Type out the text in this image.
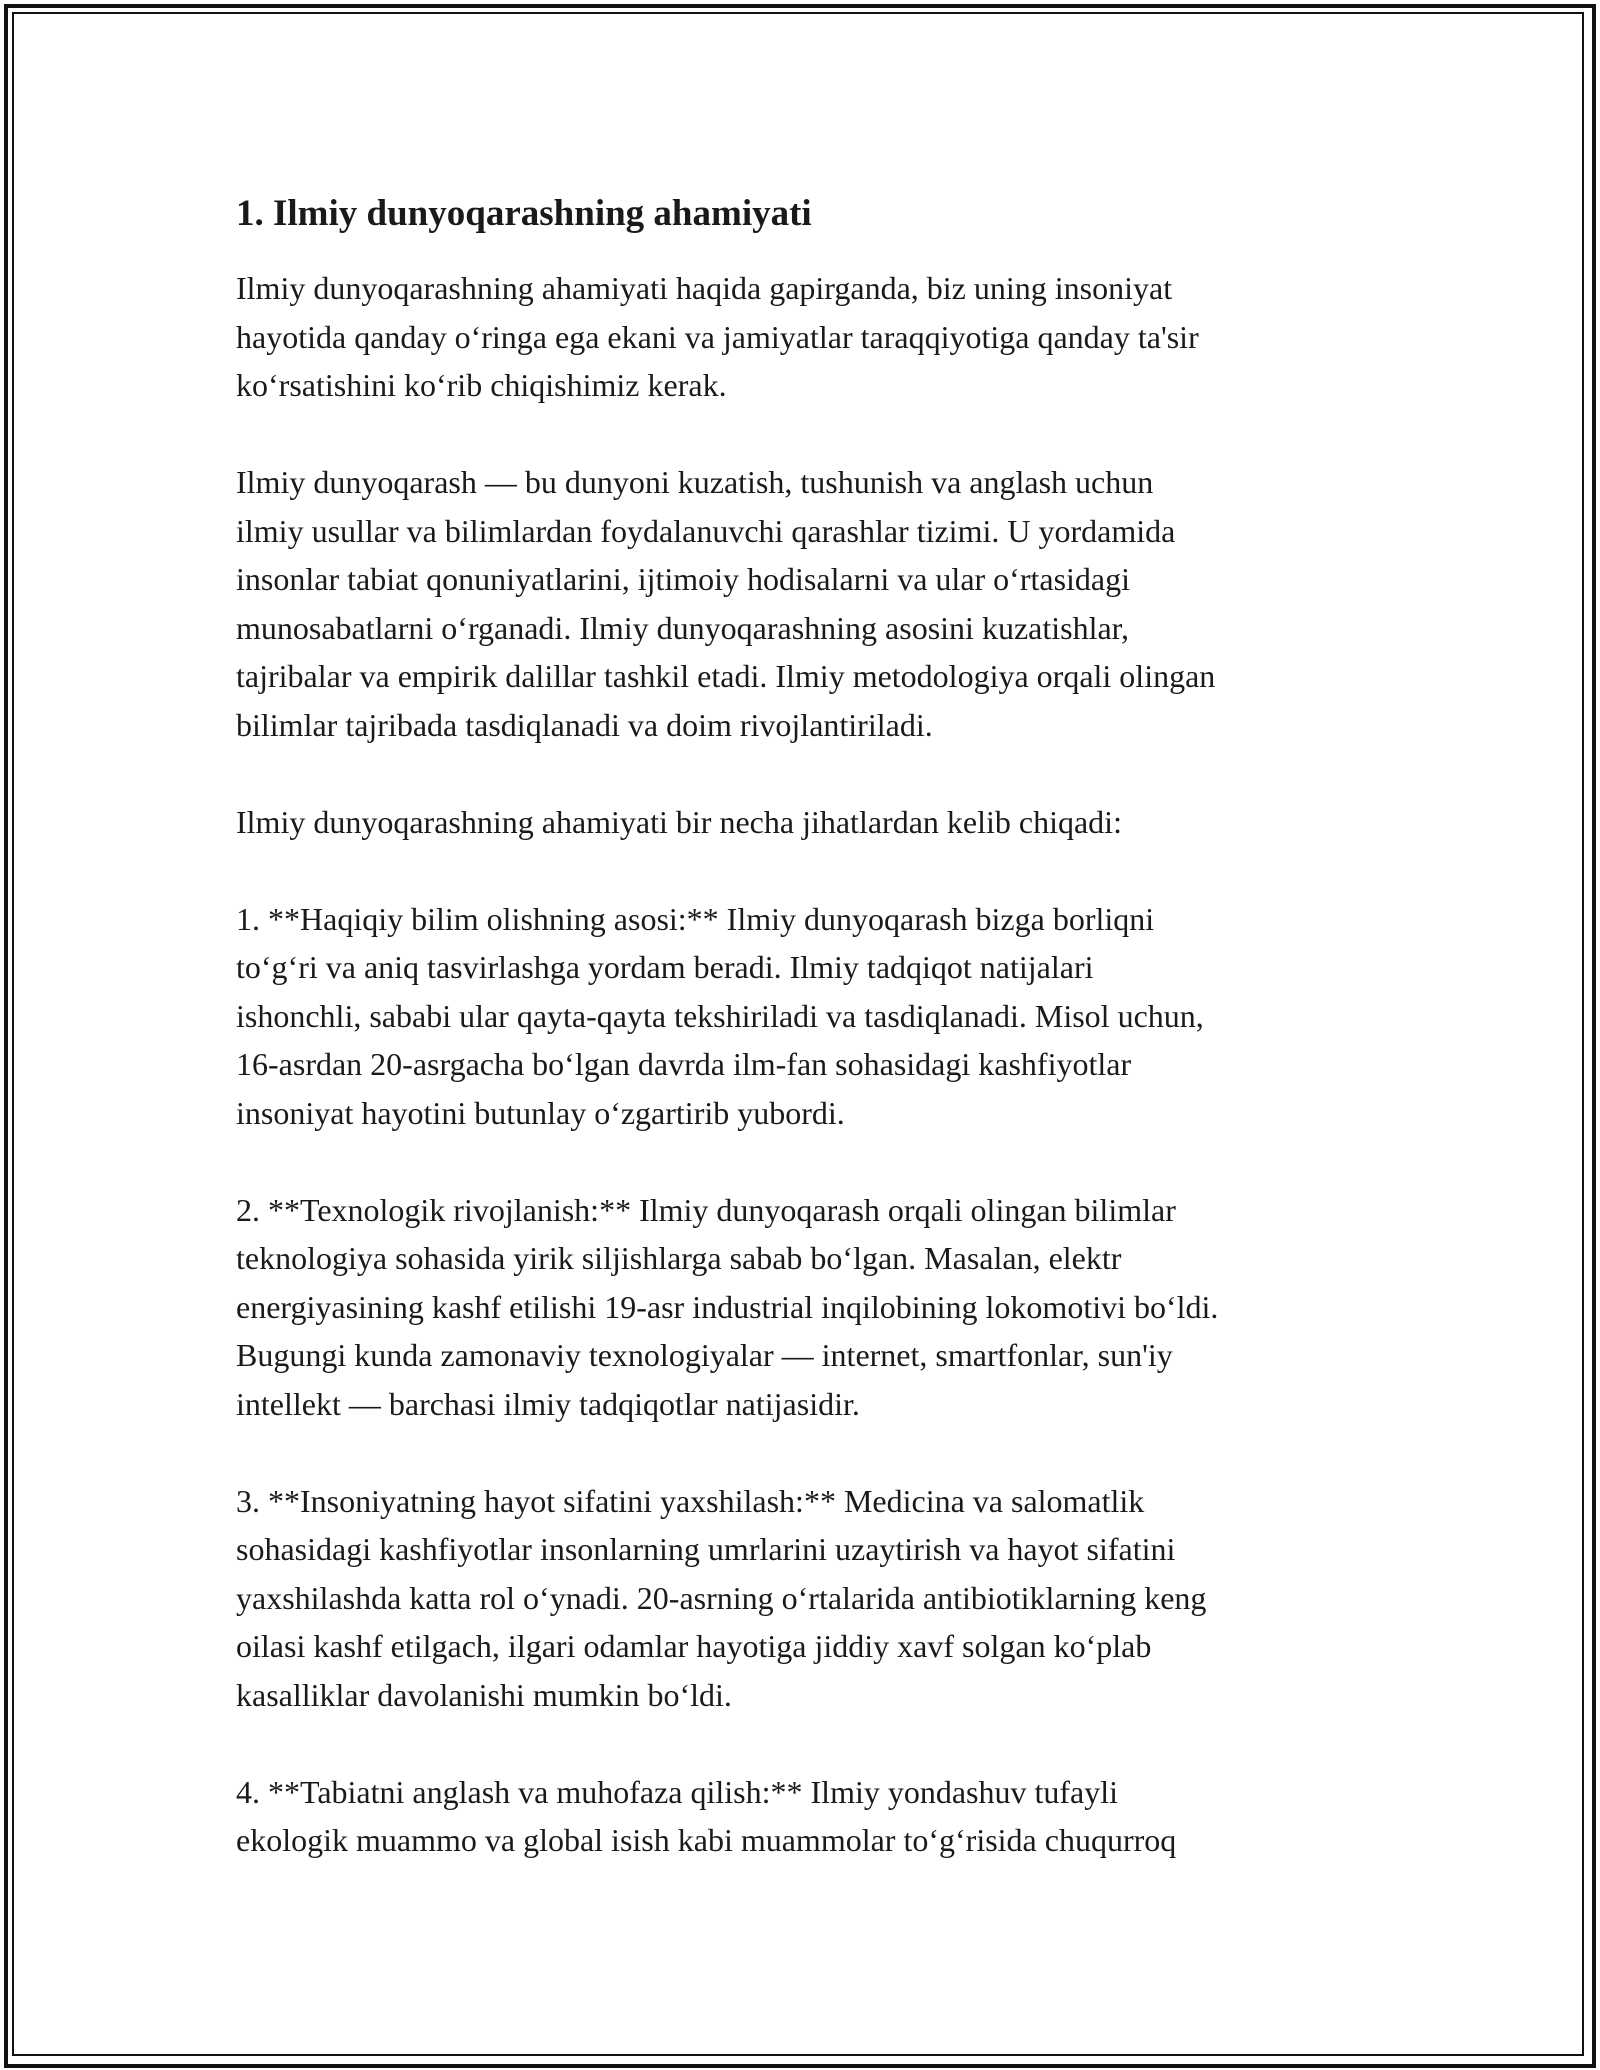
1. Ilmiy dunyoqarashning ahamiyati

Ilmiy dunyoqarashning ahamiyati haqida gapirganda, biz uning insoniyat
hayotida qanday o‘ringa ega ekani va jamiyatlar taraqqiyotiga qanday ta'sir
ko‘rsatishini ko‘rib chiqishimiz kerak.

Ilmiy dunyoqarash — bu dunyoni kuzatish, tushunish va anglash uchun
ilmiy usullar va bilimlardan foydalanuvchi qarashlar tizimi. U yordamida
insonlar tabiat qonuniyatlarini, ijtimoiy hodisalarni va ular o‘rtasidagi
munosabatlarni o‘rganadi. Ilmiy dunyoqarashning asosini kuzatishlar,
tajribalar va empirik dalillar tashkil etadi. Ilmiy metodologiya orqali olingan
bilimlar tajribada tasdiqlanadi va doim rivojlantiriladi.

Ilmiy dunyoqarashning ahamiyati bir necha jihatlardan kelib chiqadi:

1. **Haqiqiy bilim olishning asosi:** Ilmiy dunyoqarash bizga borliqni
to‘g‘ri va aniq tasvirlashga yordam beradi. Ilmiy tadqiqot natijalari
ishonchli, sababi ular qayta-qayta tekshiriladi va tasdiqlanadi. Misol uchun,
16-asrdan 20-asrgacha bo‘lgan davrda ilm-fan sohasidagi kashfiyotlar
insoniyat hayotini butunlay o‘zgartirib yubordi.

2. **Texnologik rivojlanish:** Ilmiy dunyoqarash orqali olingan bilimlar
teknologiya sohasida yirik siljishlarga sabab bo‘lgan. Masalan, elektr
energiyasining kashf etilishi 19-asr industrial inqilobining lokomotivi bo‘ldi.
Bugungi kunda zamonaviy texnologiyalar — internet, smartfonlar, sun'iy
intellekt — barchasi ilmiy tadqiqotlar natijasidir.

3. **Insoniyatning hayot sifatini yaxshilash:** Medicina va salomatlik
sohasidagi kashfiyotlar insonlarning umrlarini uzaytirish va hayot sifatini
yaxshilashda katta rol o‘ynadi. 20-asrning o‘rtalarida antibiotiklarning keng
oilasi kashf etilgach, ilgari odamlar hayotiga jiddiy xavf solgan ko‘plab
kasalliklar davolanishi mumkin bo‘ldi.

4. **Tabiatni anglash va muhofaza qilish:** Ilmiy yondashuv tufayli
ekologik muammo va global isish kabi muammolar to‘g‘risida chuqurroq
